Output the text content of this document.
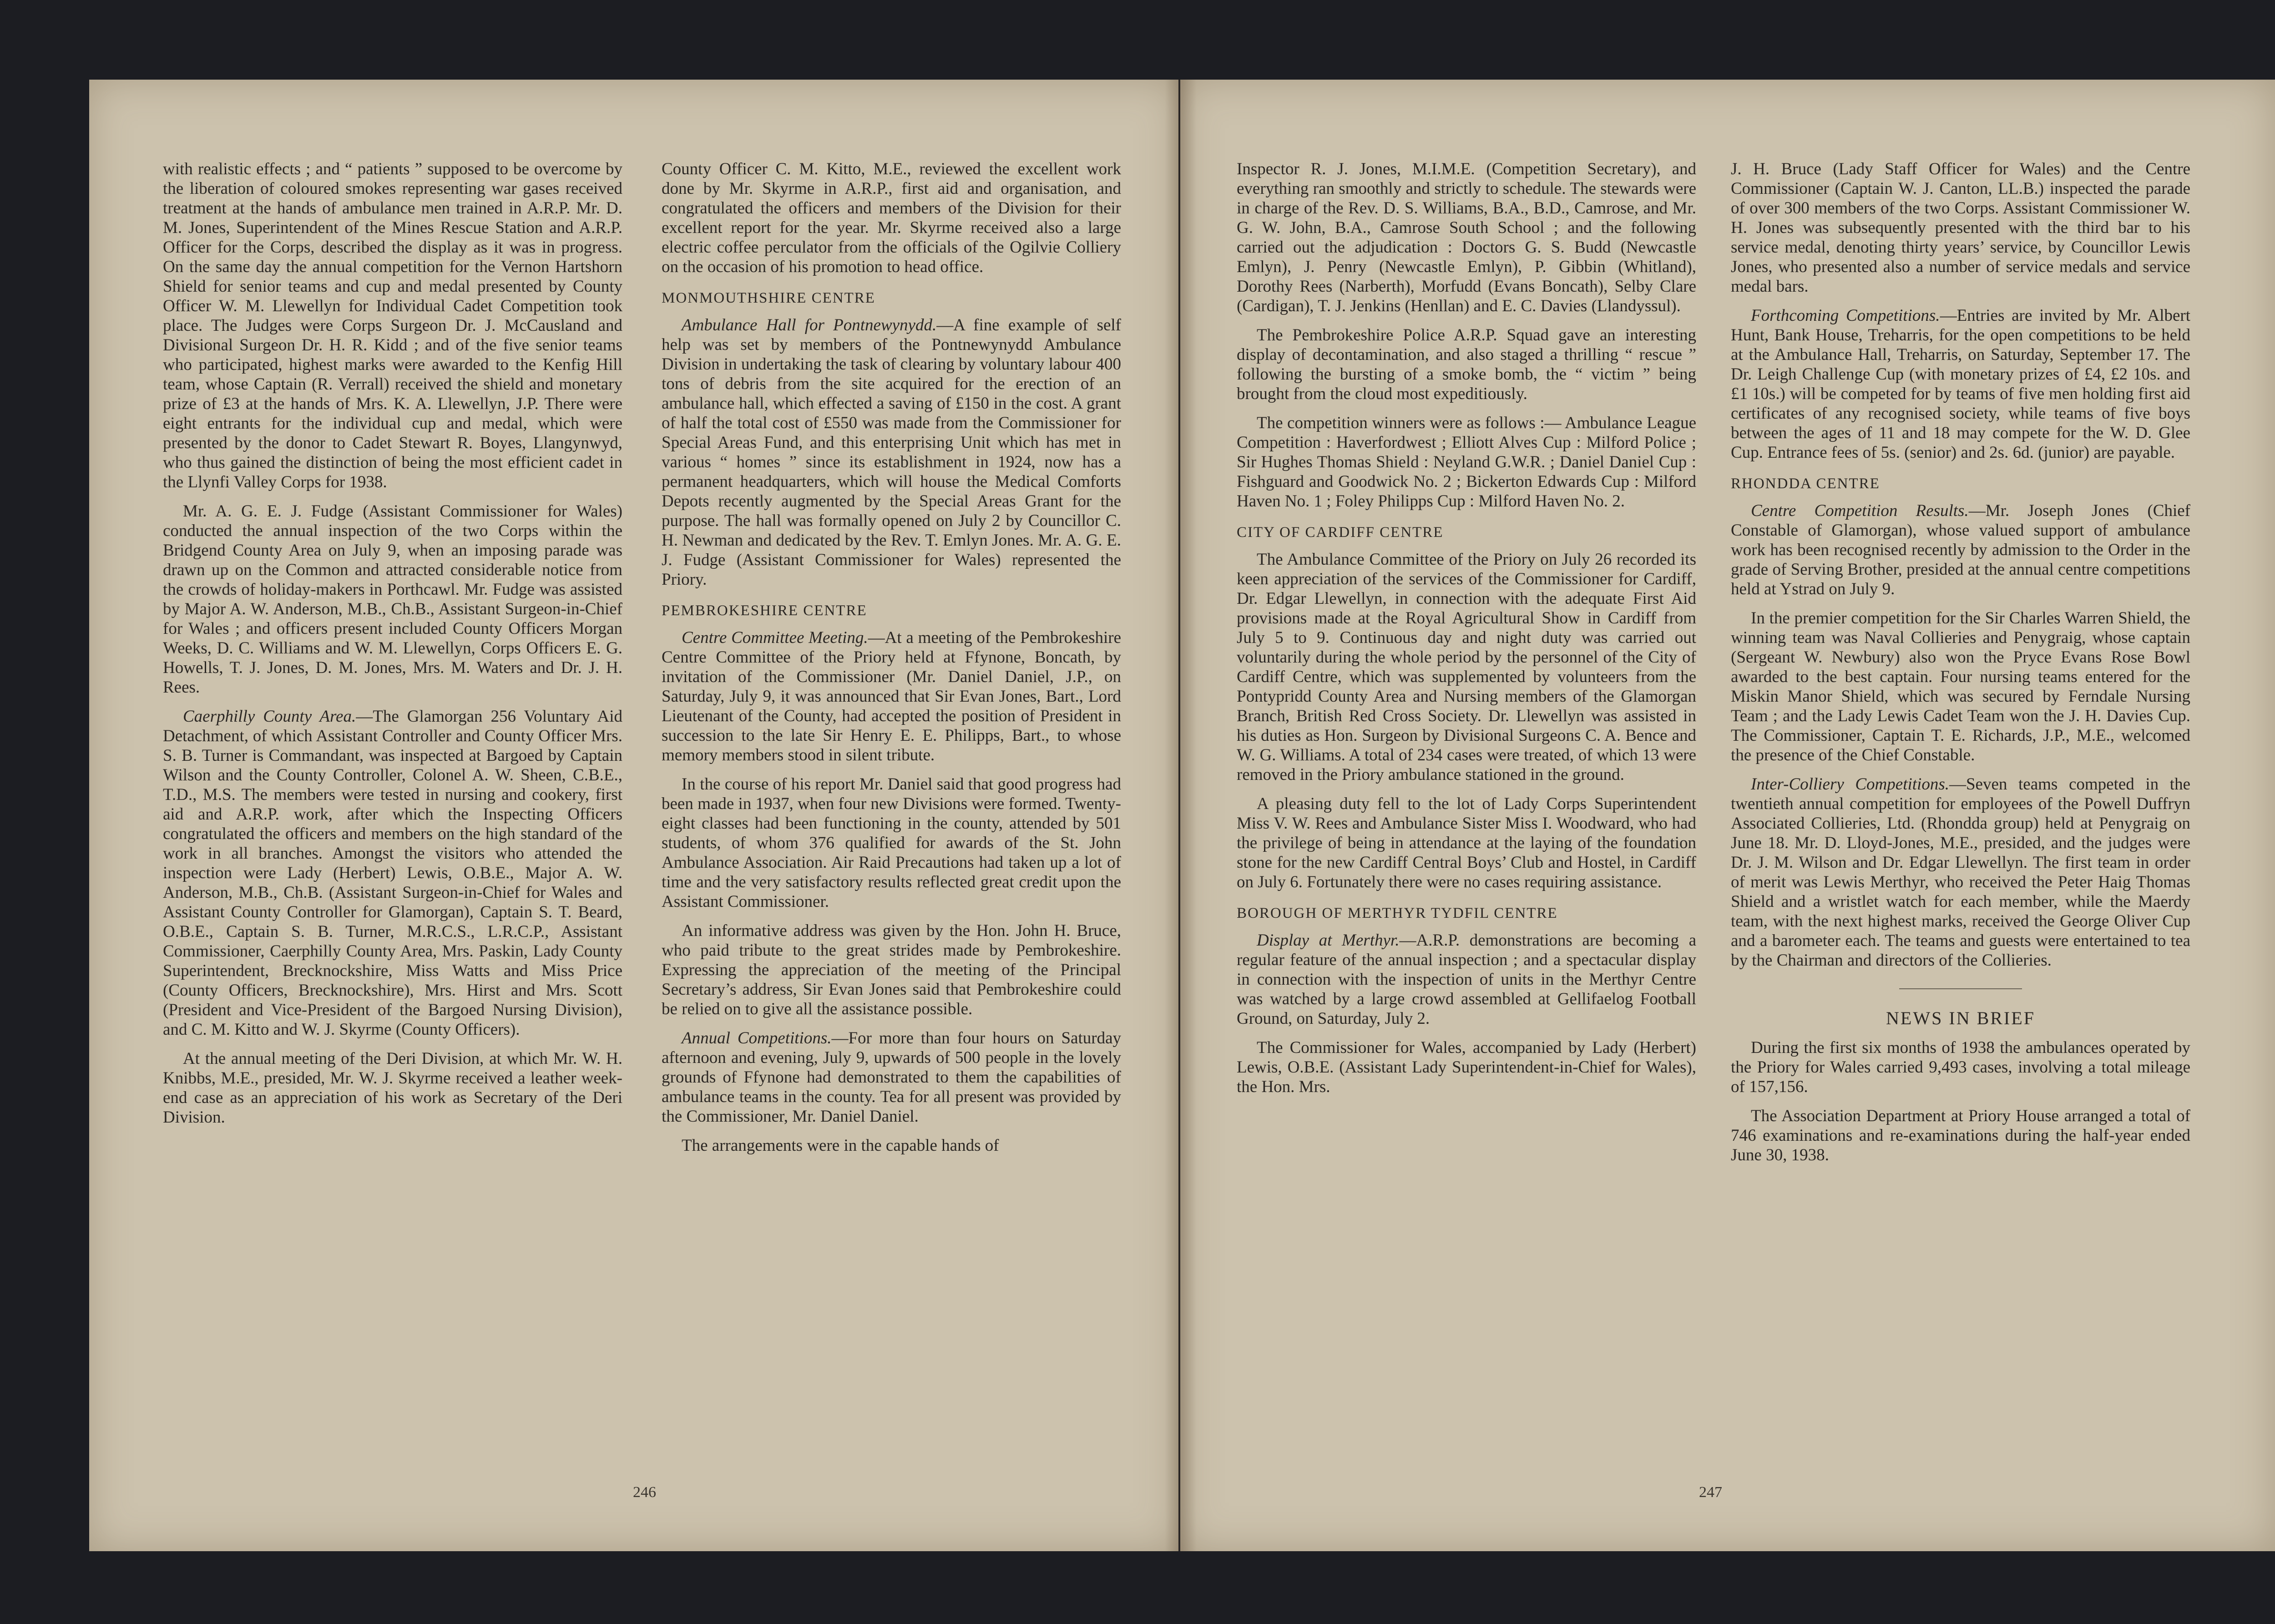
with realistic effects ; and “ patients ” supposed to be overcome by the liberation of coloured smokes representing war gases received treatment at the hands of ambulance men trained in A.R.P. Mr. D. M. Jones, Superintendent of the Mines Rescue Station and A.R.P. Officer for the Corps, described the display as it was in progress. On the same day the annual competition for the Vernon Hartshorn Shield for senior teams and cup and medal presented by County Officer W. M. Llewellyn for Individual Cadet Competition took place. The Judges were Corps Surgeon Dr. J. McCausland and Divisional Surgeon Dr. H. R. Kidd ; and of the five senior teams who participated, highest marks were awarded to the Kenfig Hill team, whose Captain (R. Verrall) received the shield and monetary prize of £3 at the hands of Mrs. K. A. Llewellyn, J.P. There were eight entrants for the individual cup and medal, which were presented by the donor to Cadet Stewart R. Boyes, Llangynwyd, who thus gained the distinction of being the most efficient cadet in the Llynfi Valley Corps for 1938.

Mr. A. G. E. J. Fudge (Assistant Commissioner for Wales) conducted the annual inspection of the two Corps within the Bridgend County Area on July 9, when an imposing parade was drawn up on the Common and attracted considerable notice from the crowds of holiday-makers in Porthcawl. Mr. Fudge was assisted by Major A. W. Anderson, M.B., Ch.B., Assistant Surgeon-in-Chief for Wales ; and officers present included County Officers Morgan Weeks, D. C. Williams and W. M. Llewellyn, Corps Officers E. G. Howells, T. J. Jones, D. M. Jones, Mrs. M. Waters and Dr. J. H. Rees.

Caerphilly County Area.—The Glamorgan 256 Voluntary Aid Detachment, of which Assistant Controller and County Officer Mrs. S. B. Turner is Commandant, was inspected at Bargoed by Captain Wilson and the County Controller, Colonel A. W. Sheen, C.B.E., T.D., M.S. The members were tested in nursing and cookery, first aid and A.R.P. work, after which the Inspecting Officers congratulated the officers and members on the high standard of the work in all branches. Amongst the visitors who attended the inspection were Lady (Herbert) Lewis, O.B.E., Major A. W. Anderson, M.B., Ch.B. (Assistant Surgeon-in-Chief for Wales and Assistant County Controller for Glamorgan), Captain S. T. Beard, O.B.E., Captain S. B. Turner, M.R.C.S., L.R.C.P., Assistant Commissioner, Caerphilly County Area, Mrs. Paskin, Lady County Superintendent, Brecknockshire, Miss Watts and Miss Price (County Officers, Brecknockshire), Mrs. Hirst and Mrs. Scott (President and Vice-President of the Bargoed Nursing Division), and C. M. Kitto and W. J. Skyrme (County Officers).

At the annual meeting of the Deri Division, at which Mr. W. H. Knibbs, M.E., presided, Mr. W. J. Skyrme received a leather week-end case as an appreciation of his work as Secretary of the Deri Division.

County Officer C. M. Kitto, M.E., reviewed the excellent work done by Mr. Skyrme in A.R.P., first aid and organisation, and congratulated the officers and members of the Division for their excellent report for the year. Mr. Skyrme received also a large electric coffee perculator from the officials of the Ogilvie Colliery on the occasion of his promotion to head office.

MONMOUTHSHIRE CENTRE

Ambulance Hall for Pontnewynydd.—A fine example of self help was set by members of the Pontnewynydd Ambulance Division in undertaking the task of clearing by voluntary labour 400 tons of debris from the site acquired for the erection of an ambulance hall, which effected a saving of £150 in the cost. A grant of half the total cost of £550 was made from the Commissioner for Special Areas Fund, and this enterprising Unit which has met in various “ homes ” since its establishment in 1924, now has a permanent headquarters, which will house the Medical Comforts Depots recently augmented by the Special Areas Grant for the purpose. The hall was formally opened on July 2 by Councillor C. H. Newman and dedicated by the Rev. T. Emlyn Jones. Mr. A. G. E. J. Fudge (Assistant Commissioner for Wales) represented the Priory.

PEMBROKESHIRE CENTRE

Centre Committee Meeting.—At a meeting of the Pembrokeshire Centre Committee of the Priory held at Ffynone, Boncath, by invitation of the Commissioner (Mr. Daniel Daniel, J.P., on Saturday, July 9, it was announced that Sir Evan Jones, Bart., Lord Lieutenant of the County, had accepted the position of President in succession to the late Sir Henry E. E. Philipps, Bart., to whose memory members stood in silent tribute.

In the course of his report Mr. Daniel said that good progress had been made in 1937, when four new Divisions were formed. Twenty-eight classes had been functioning in the county, attended by 501 students, of whom 376 qualified for awards of the St. John Ambulance Association. Air Raid Precautions had taken up a lot of time and the very satisfactory results reflected great credit upon the Assistant Commissioner.

An informative address was given by the Hon. John H. Bruce, who paid tribute to the great strides made by Pembrokeshire. Expressing the appreciation of the meeting of the Principal Secretary’s address, Sir Evan Jones said that Pembrokeshire could be relied on to give all the assistance possible.

Annual Competitions.—For more than four hours on Saturday afternoon and evening, July 9, upwards of 500 people in the lovely grounds of Ffynone had demonstrated to them the capabilities of ambulance teams in the county. Tea for all present was provided by the Commissioner, Mr. Daniel Daniel.

The arrangements were in the capable hands of

246

Inspector R. J. Jones, M.I.M.E. (Competition Secretary), and everything ran smoothly and strictly to schedule. The stewards were in charge of the Rev. D. S. Williams, B.A., B.D., Camrose, and Mr. G. W. John, B.A., Camrose South School ; and the following carried out the adjudication : Doctors G. S. Budd (Newcastle Emlyn), J. Penry (Newcastle Emlyn), P. Gibbin (Whitland), Dorothy Rees (Narberth), Morfudd (Evans Boncath), Selby Clare (Cardigan), T. J. Jenkins (Henllan) and E. C. Davies (Llandyssul).

The Pembrokeshire Police A.R.P. Squad gave an interesting display of decontamination, and also staged a thrilling “ rescue ” following the bursting of a smoke bomb, the “ victim ” being brought from the cloud most expeditiously.

The competition winners were as follows :— Ambulance League Competition : Haverfordwest ; Elliott Alves Cup : Milford Police ; Sir Hughes Thomas Shield : Neyland G.W.R. ; Daniel Daniel Cup : Fishguard and Goodwick No. 2 ; Bickerton Edwards Cup : Milford Haven No. 1 ; Foley Philipps Cup : Milford Haven No. 2.

CITY OF CARDIFF CENTRE

The Ambulance Committee of the Priory on July 26 recorded its keen appreciation of the services of the Commissioner for Cardiff, Dr. Edgar Llewellyn, in connection with the adequate First Aid provisions made at the Royal Agricultural Show in Cardiff from July 5 to 9. Continuous day and night duty was carried out voluntarily during the whole period by the personnel of the City of Cardiff Centre, which was supplemented by volunteers from the Pontypridd County Area and Nursing members of the Glamorgan Branch, British Red Cross Society. Dr. Llewellyn was assisted in his duties as Hon. Surgeon by Divisional Surgeons C. A. Bence and W. G. Williams. A total of 234 cases were treated, of which 13 were removed in the Priory ambulance stationed in the ground.

A pleasing duty fell to the lot of Lady Corps Superintendent Miss V. W. Rees and Ambulance Sister Miss I. Woodward, who had the privilege of being in attendance at the laying of the foundation stone for the new Cardiff Central Boys’ Club and Hostel, in Cardiff on July 6. Fortunately there were no cases requiring assistance.

BOROUGH OF MERTHYR TYDFIL CENTRE

Display at Merthyr.—A.R.P. demonstrations are becoming a regular feature of the annual inspection ; and a spectacular display in connection with the inspection of units in the Merthyr Centre was watched by a large crowd assembled at Gellifaelog Football Ground, on Saturday, July 2.

The Commissioner for Wales, accompanied by Lady (Herbert) Lewis, O.B.E. (Assistant Lady Superintendent-in-Chief for Wales), the Hon. Mrs.

J. H. Bruce (Lady Staff Officer for Wales) and the Centre Commissioner (Captain W. J. Canton, LL.B.) inspected the parade of over 300 members of the two Corps. Assistant Commissioner W. H. Jones was subsequently presented with the third bar to his service medal, denoting thirty years’ service, by Councillor Lewis Jones, who presented also a number of service medals and service medal bars.

Forthcoming Competitions.—Entries are invited by Mr. Albert Hunt, Bank House, Treharris, for the open competitions to be held at the Ambulance Hall, Treharris, on Saturday, September 17. The Dr. Leigh Challenge Cup (with monetary prizes of £4, £2 10s. and £1 10s.) will be competed for by teams of five men holding first aid certificates of any recognised society, while teams of five boys between the ages of 11 and 18 may compete for the W. D. Glee Cup. Entrance fees of 5s. (senior) and 2s. 6d. (junior) are payable.

RHONDDA CENTRE

Centre Competition Results.—Mr. Joseph Jones (Chief Constable of Glamorgan), whose valued support of ambulance work has been recognised recently by admission to the Order in the grade of Serving Brother, presided at the annual centre competitions held at Ystrad on July 9.

In the premier competition for the Sir Charles Warren Shield, the winning team was Naval Collieries and Penygraig, whose captain (Sergeant W. Newbury) also won the Pryce Evans Rose Bowl awarded to the best captain. Four nursing teams entered for the Miskin Manor Shield, which was secured by Ferndale Nursing Team ; and the Lady Lewis Cadet Team won the J. H. Davies Cup. The Commissioner, Captain T. E. Richards, J.P., M.E., welcomed the presence of the Chief Constable.

Inter-Colliery Competitions.—Seven teams competed in the twentieth annual competition for employees of the Powell Duffryn Associated Collieries, Ltd. (Rhondda group) held at Penygraig on June 18. Mr. D. Lloyd-Jones, M.E., presided, and the judges were Dr. J. M. Wilson and Dr. Edgar Llewellyn. The first team in order of merit was Lewis Merthyr, who received the Peter Haig Thomas Shield and a wristlet watch for each member, while the Maerdy team, with the next highest marks, received the George Oliver Cup and a barometer each. The teams and guests were entertained to tea by the Chairman and directors of the Collieries.

NEWS IN BRIEF

During the first six months of 1938 the ambulances operated by the Priory for Wales carried 9,493 cases, involving a total mileage of 157,156.

The Association Department at Priory House arranged a total of 746 examinations and re-examinations during the half-year ended June 30, 1938.

247
